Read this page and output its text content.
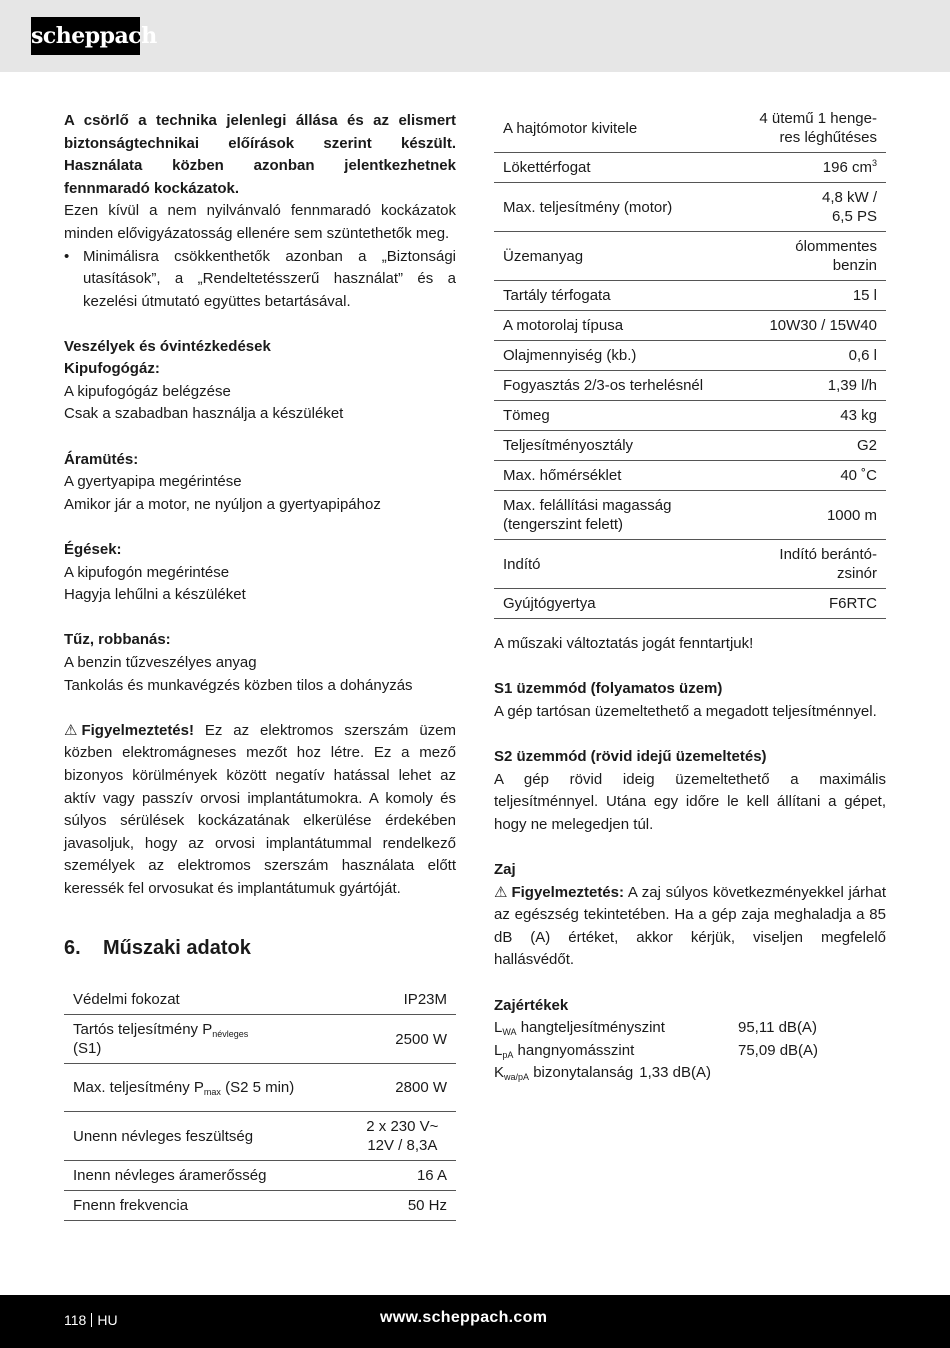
scheppach

A csörlő a technika jelenlegi állása és az elismert biztonságtechnikai előírások szerint készült. Használata közben azonban jelentkezhetnek fennmaradó kockázatok.

Ezen kívül a nem nyilvánvaló fennmaradó kockázatok minden elővigyázatosság ellenére sem szüntethetők meg.

• Minimálisra csökkenthetők azonban a „Biztonsági utasítások”, a „Rendeltetésszerű használat” és a kezelési útmutató együttes betartásával.

Veszélyek és óvintézkedések

Kipufogógáz:

A kipufogógáz belégzése

Csak a szabadban használja a készüléket

Áramütés:

A gyertyapipa megérintése

Amikor jár a motor, ne nyúljon a gyertyapipához

Égések:

A kipufogón megérintése

Hagyja lehűlni a készüléket

Tűz, robbanás:

A benzin tűzveszélyes anyag

Tankolás és munkavégzés közben tilos a dohányzás

⚠ Figyelmeztetés! Ez az elektromos szerszám üzem közben elektromágneses mezőt hoz létre. Ez a mező bizonyos körülmények között negatív hatással lehet az aktív vagy passzív orvosi implantátumokra. A komoly és súlyos sérülések kockázatának elkerülése érdekében javasoljuk, hogy az orvosi implantátummal rendelkező személyek az elektromos szerszám használata előtt keressék fel orvosukat és implantátumuk gyártóját.

6. Műszaki adatok
Védelmi fokozat	IP23M
Tartós teljesítmény $P_{névleges}$
(S1)	2500 W
Max. teljesítmény $P_{max}$ (S2 5 min)	2800 W
Unenn névleges feszültség	2 x 230 V~
12V / 8,3A
Inenn névleges áramerősség	16 A
Fnenn frekvencia	50 Hz
A hajtómotor kivitele	4 ütemű 1 henge-
res léghűtéses
Lökettérfogat	196 $cm^3$
Max. teljesítmény (motor)	4,8 kW /
6,5 PS
Üzemanyag	ólommentes
benzin
Tartály térfogata	15 l
A motorolaj típusa	10W30 / 15W40
Olajmennyiség (kb.)	0,6 l
Fogyasztás 2/3-os terhelésnél	1,39 l/h
Tömeg	43 kg
Teljesítményosztály	G2
Max. hőmérséklet	40 ˚C
Max. felállítási magasság
(tengerszint felett)	1000 m
Indító	Indító berántó-
zsinór
Gyújtógyertya	F6RTC

A műszaki változtatás jogát fenntartjuk!

S1 üzemmód (folyamatos üzem)

A gép tartósan üzemeltethető a megadott teljesítménnyel.

S2 üzemmód (rövid idejű üzemeltetés)

A gép rövid ideig üzemeltethető a maximális teljesítménnyel. Utána egy időre le kell állítani a gépet, hogy ne melegedjen túl.

Zaj

⚠ Figyelmeztetés: A zaj súlyos következményekkel járhat az egészség tekintetében. Ha a gép zaja meghaladja a 85 dB (A) értéket, akkor kérjük, viseljen megfelelő hallásvédőt.

Zajértékek

$L_{WA}$ hangteljesítményszint	95,11 dB(A)
$L_{pA}$ hangnyomásszint	75,09 dB(A)
$K_{wa/pA}$ bizonytalanság 1,33 dB(A)
118 HU	www.scheppach.com
